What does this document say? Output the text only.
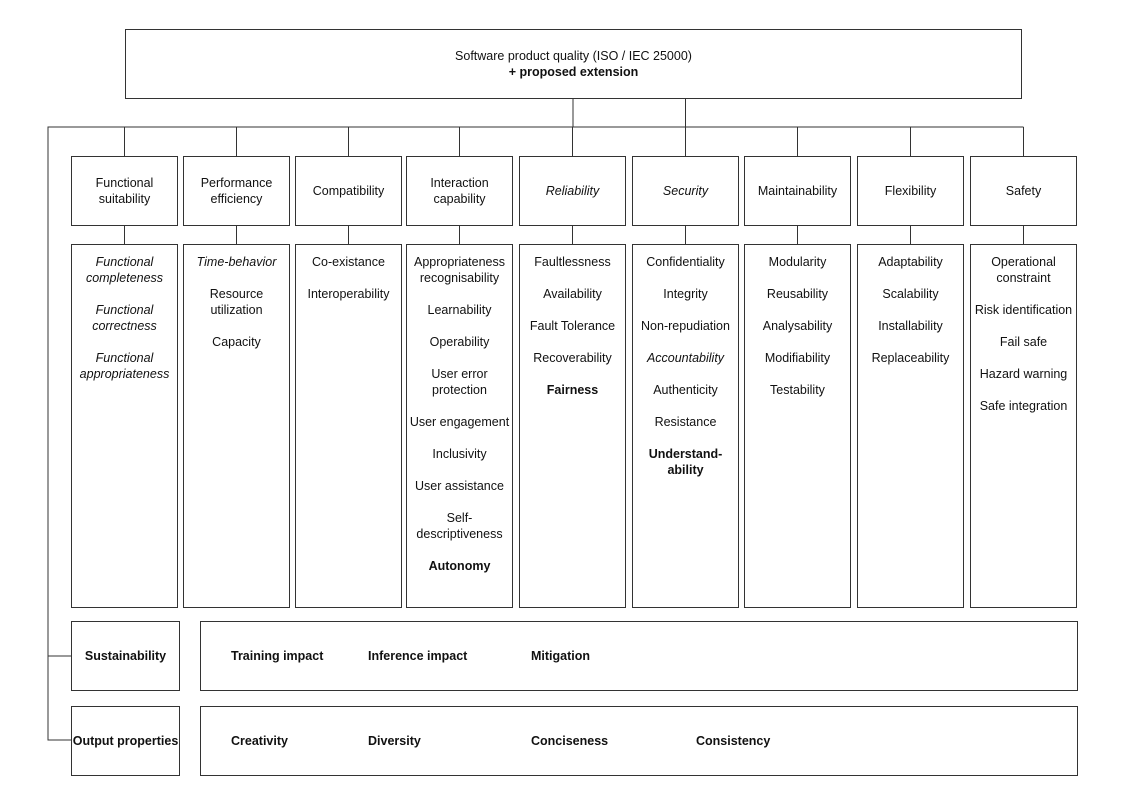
Software product quality (ISO / IEC 25000)
+ proposed extension
Functional suitability
Functional completeness
Functional correctness
Functional appropriateness
Performance efficiency
Time-behavior
Resource utilization
Capacity
Compatibility
Co-existance
Interoperability
Interaction capability
Appropriateness recognisability
Learnability
Operability
User error protection
User engagement
Inclusivity
User assistance
Self-descriptiveness
Autonomy
Reliability
Faultlessness
Availability
Fault Tolerance
Recoverability
Fairness
Security
Confidentiality
Integrity
Non-repudiation
Accountability
Authenticity
Resistance
Understand-ability
Maintainability
Modularity
Reusability
Analysability
Modifiability
Testability
Flexibility
Adaptability
Scalability
Installability
Replaceability
Safety
Operational constraint
Risk identification
Fail safe
Hazard warning
Safe integration
Sustainability	Training impact	Inference impact	Mitigation
Output properties	Creativity	Diversity	Conciseness	Consistency
